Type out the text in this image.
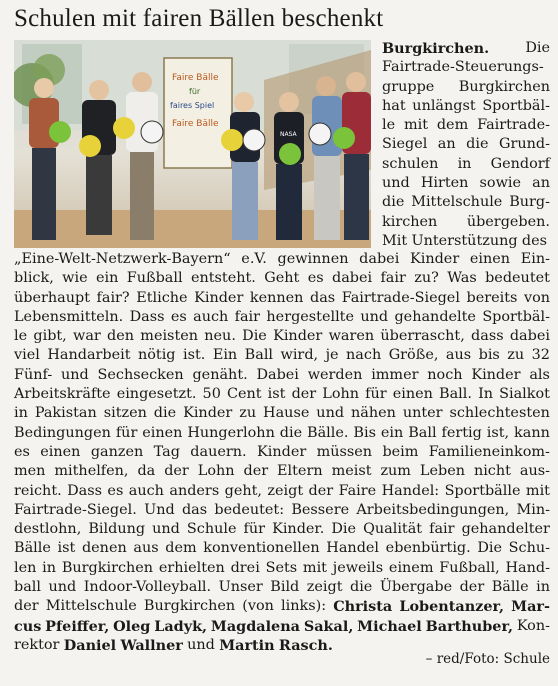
Schulen mit fairen Bällen beschenkt
Faire Bälle
für
faires Spiel
Faire Bälle
NASA
Burgkirchen.	Die
Fairtrade-Steuerungs-
gruppe Burgkirchen
hat unlängst Sportbäl-
le mit dem Fairtrade-
Siegel an die Grund-
schulen in Gendorf
und Hirten sowie an
die Mittelschule Burg-
kirchen übergeben.
Mit Unterstützung des
„Eine-Welt-Netzwerk-Bayern“ e.V. gewinnen dabei Kinder einen Ein-
blick, wie ein Fußball entsteht. Geht es dabei fair zu? Was bedeutet
überhaupt fair? Etliche Kinder kennen das Fairtrade-Siegel bereits von
Lebensmitteln. Dass es auch fair hergestellte und gehandelte Sportbäl-
le gibt, war den meisten neu. Die Kinder waren überrascht, dass dabei
viel Handarbeit nötig ist. Ein Ball wird, je nach Größe, aus bis zu 32
Fünf- und Sechsecken genäht. Dabei werden immer noch Kinder als
Arbeitskräfte eingesetzt. 50 Cent ist der Lohn für einen Ball. In Sialkot
in Pakistan sitzen die Kinder zu Hause und nähen unter schlechtesten
Bedingungen für einen Hungerlohn die Bälle. Bis ein Ball fertig ist, kann
es einen ganzen Tag dauern. Kinder müssen beim Familieneinkom-
men mithelfen, da der Lohn der Eltern meist zum Leben nicht aus-
reicht. Dass es auch anders geht, zeigt der Faire Handel: Sportbälle mit
Fairtrade-Siegel. Und das bedeutet: Bessere Arbeitsbedingungen, Min-
destlohn, Bildung und Schule für Kinder. Die Qualität fair gehandelter
Bälle ist denen aus dem konventionellen Handel ebenbürtig. Die Schu-
len in Burgkirchen erhielten drei Sets mit jeweils einem Fußball, Hand-
ball und Indoor-Volleyball. Unser Bild zeigt die Übergabe der Bälle in
der Mittelschule Burgkirchen (von links): Christa Lobentanzer, Mar-
cus Pfeiffer, Oleg Ladyk, Magdalena Sakal, Michael Barthuber, Kon-
rektor Daniel Wallner und Martin Rasch.
– red/Foto: Schule
